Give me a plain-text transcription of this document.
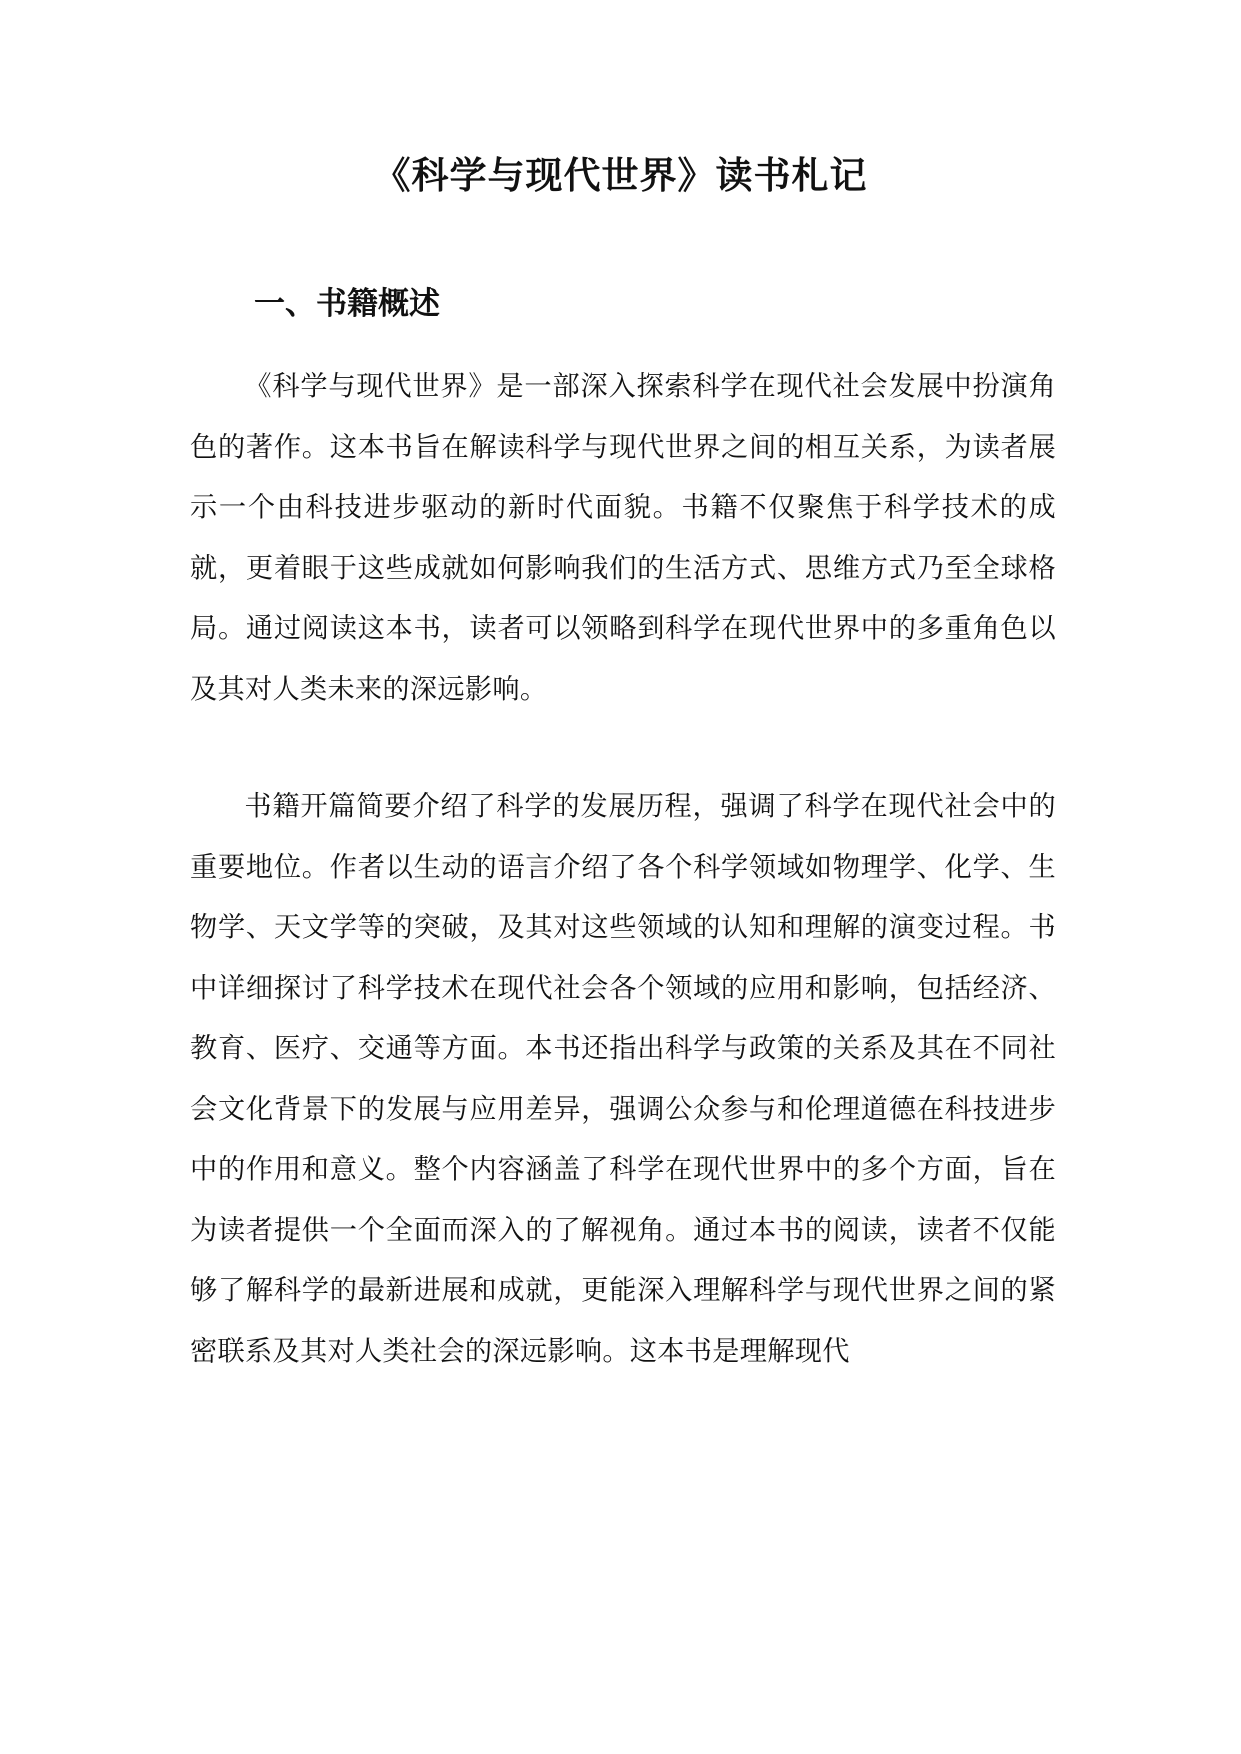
《科学与现代世界》读书札记
一、书籍概述

《科学与现代世界》是一部深入探索科学在现代社会发展中扮演角色的著作。这本书旨在解读科学与现代世界之间的相互关系，为读者展示一个由科技进步驱动的新时代面貌。书籍不仅聚焦于科学技术的成就，更着眼于这些成就如何影响我们的生活方式、思维方式乃至全球格局。通过阅读这本书，读者可以领略到科学在现代世界中的多重角色以及其对人类未来的深远影响。

书籍开篇简要介绍了科学的发展历程，强调了科学在现代社会中的重要地位。作者以生动的语言介绍了各个科学领域如物理学、化学、生物学、天文学等的突破，及其对这些领域的认知和理解的演变过程。书中详细探讨了科学技术在现代社会各个领域的应用和影响，包括经济、教育、医疗、交通等方面。本书还指出科学与政策的关系及其在不同社会文化背景下的发展与应用差异，强调公众参与和伦理道德在科技进步中的作用和意义。整个内容涵盖了科学在现代世界中的多个方面，旨在为读者提供一个全面而深入的了解视角。通过本书的阅读，读者不仅能够了解科学的最新进展和成就，更能深入理解科学与现代世界之间的紧密联系及其对人类社会的深远影响。这本书是理解现代
